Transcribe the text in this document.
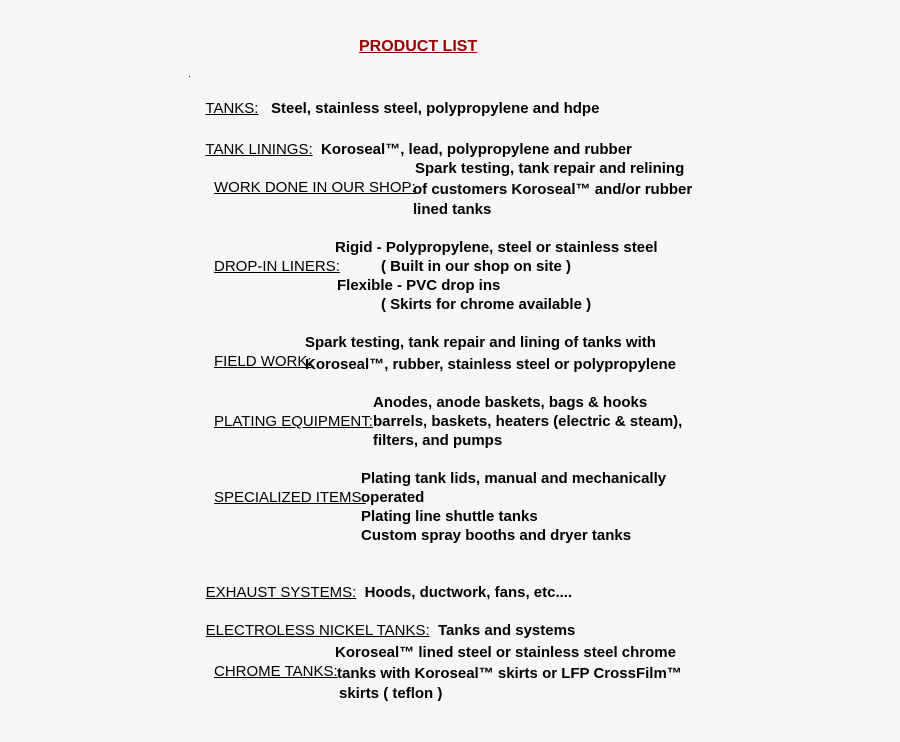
PRODUCT LIST

TANKS: Steel, stainless steel, polypropylene and hdpe

TANK LININGS: Koroseal™, lead, polypropylene and rubber

WORK DONE IN OUR SHOP:

Spark testing, tank repair and relining
of customers Koroseal™ and/or rubber
lined tanks

DROP-IN LINERS:

Rigid - Polypropylene, steel or stainless steel
( Built in our shop on site )
Flexible - PVC drop ins
( Skirts for chrome available )

FIELD WORK:

Spark testing, tank repair and lining of tanks with
Koroseal™, rubber, stainless steel or polypropylene

PLATING EQUIPMENT:

Anodes, anode baskets, bags & hooks
barrels, baskets, heaters (electric & steam),
filters, and pumps

SPECIALIZED ITEMS:

Plating tank lids, manual and mechanically
operated
Plating line shuttle tanks
Custom spray booths and dryer tanks

EXHAUST SYSTEMS: Hoods, ductwork, fans, etc....

ELECTROLESS NICKEL TANKS: Tanks and systems

CHROME TANKS:

Koroseal™ lined steel or stainless steel chrome
tanks with Koroseal™ skirts or LFP CrossFilm™
skirts ( teflon )
